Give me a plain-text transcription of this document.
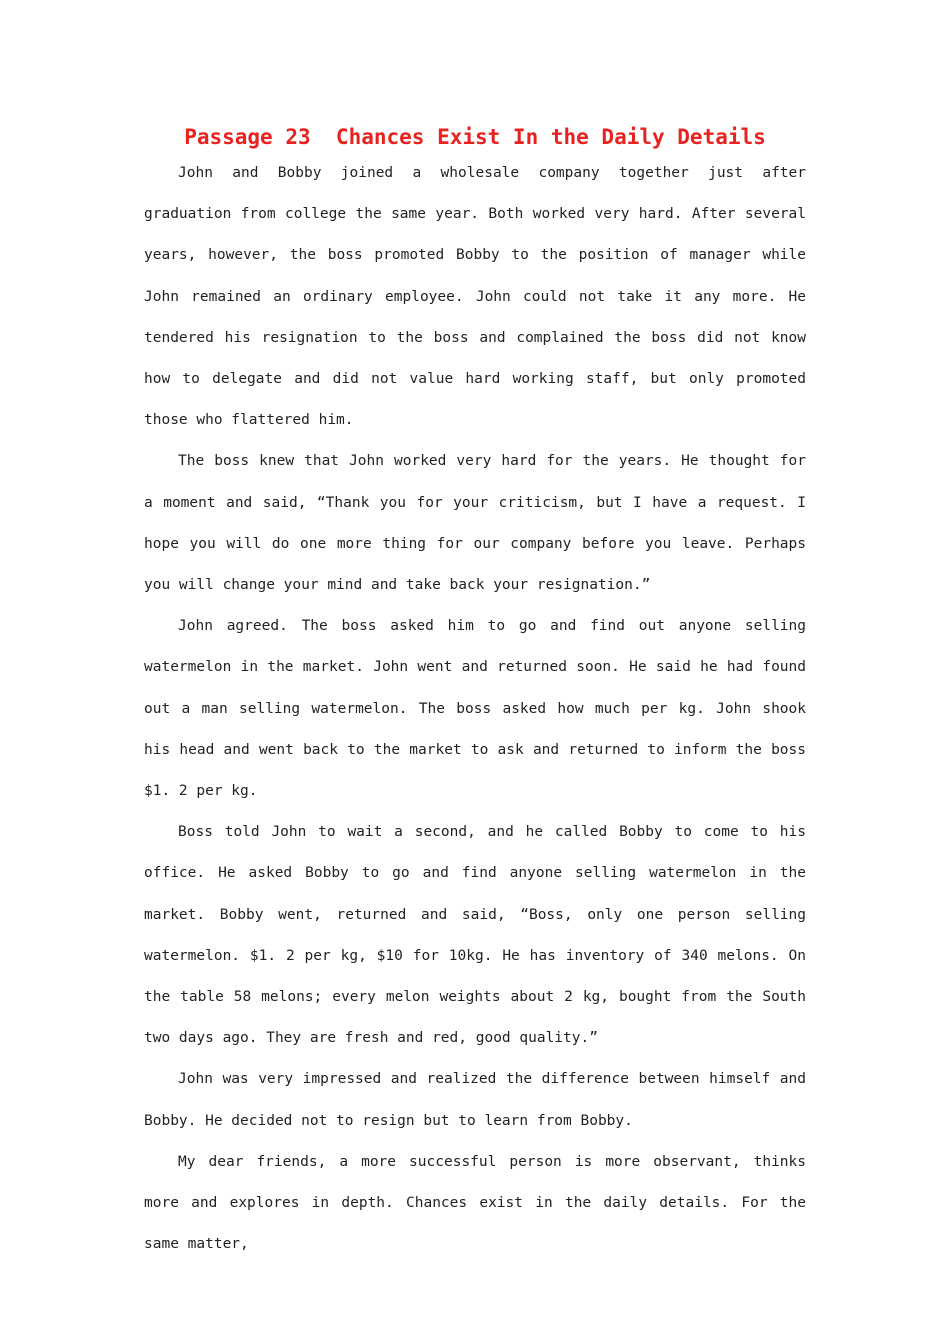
Passage 23  Chances Exist In the Daily Details

John and Bobby joined a wholesale company together just after graduation from college the same year. Both worked very hard. After several years, however, the boss promoted Bobby to the position of manager while John remained an ordinary employee. John could not take it any more. He tendered his resignation to the boss and complained the boss did not know how to delegate and did not value hard working staff, but only promoted those who flattered him.

The boss knew that John worked very hard for the years. He thought for a moment and said, “Thank you for your criticism, but I have a request. I hope you will do one more thing for our company before you leave. Perhaps you will change your mind and take back your resignation.”

John agreed. The boss asked him to go and find out anyone selling watermelon in the market. John went and returned soon. He said he had found out a man selling watermelon. The boss asked how much per kg. John shook his head and went back to the market to ask and returned to inform the boss $1. 2 per kg.

Boss told John to wait a second, and he called Bobby to come to his office. He asked Bobby to go and find anyone selling watermelon in the market. Bobby went, returned and said, “Boss, only one person selling watermelon. $1. 2 per kg, $10 for 10kg. He has inventory of 340 melons. On the table 58 melons; every melon weights about 2 kg, bought from the South two days ago. They are fresh and red, good quality.”

John was very impressed and realized the difference between himself and Bobby. He decided not to resign but to learn from Bobby.

My dear friends, a more successful person is more observant, thinks more and explores in depth. Chances exist in the daily details. For the same matter,
